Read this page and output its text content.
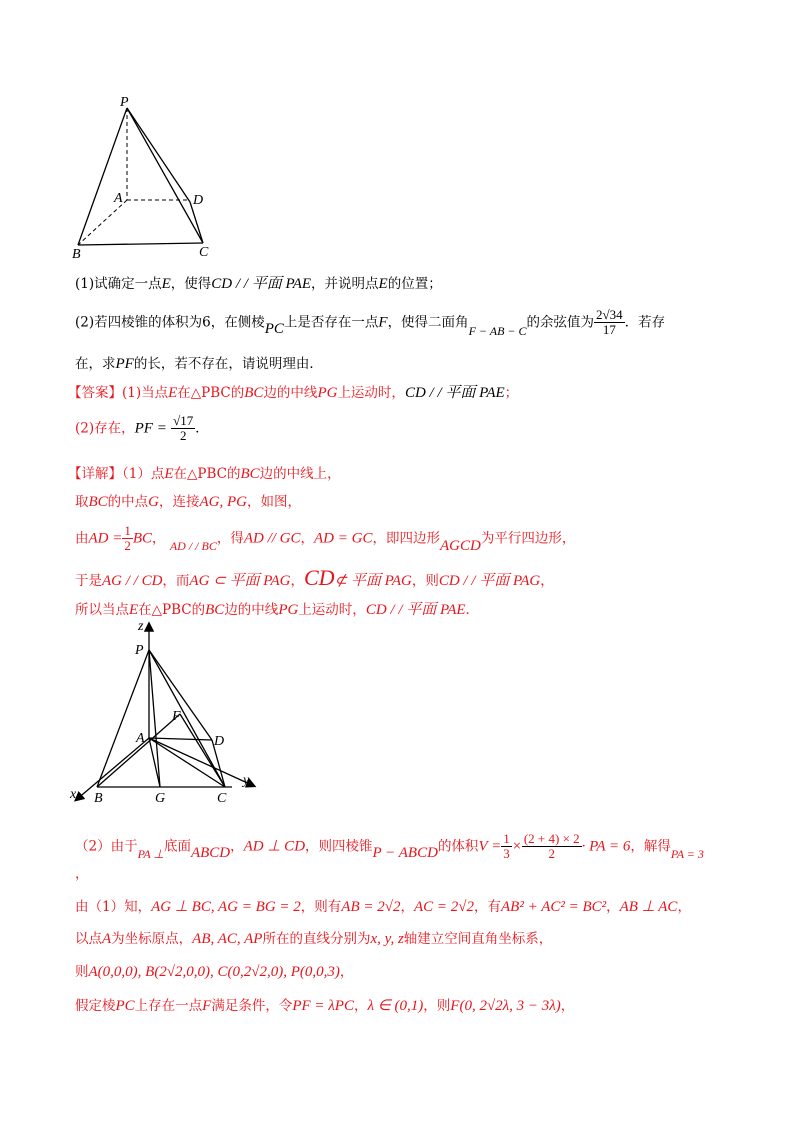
P
A	D
B	C
(1)试确定一点E，使得CD / / 平面 PAE，并说明点E的位置；
(2)若四棱锥的体积为6，在侧棱PC上是否存在一点F，使得二面角F − AB − C的余弦值为 $\frac{2√34}{17}$ ．若存
在，求PF的长，若不存在，请说明理由．
【答案】(1)当点E在△PBC的BC边的中线PG上运动时，CD / / 平面 PAE；
(2)存在，PF = $\frac{√17}{2}$ ．
【详解】（1）点E在△PBC的BC边的中线上，
取BC的中点G，连接AG, PG，如图，
由AD = $\frac{1}{2}$ BC， AD / / BC，得AD // GC，AD = GC，即四边形AGCD为平行四边形，
于是AG / / CD，而AG ⊂ 平面 PAG，CD⊄ 平面 PAG，则CD / / 平面 PAG，
所以当点E在△PBC的BC边的中线PG上运动时，CD / / 平面 PAE．
z
P
F
A	D
x B	G	C
y
（2）由于PA ⊥底面ABCD，AD ⊥ CD，则四棱锥P − ABCD的体积$V = \frac{1}{3} \times \frac{(2 + 4) \times 2}{2}$ · PA = 6，解得PA = 3
，
由（1）知，AG ⊥ BC, AG = BG = 2，则有AB = 2√2，AC = 2√2，有AB² + AC² = BC²，AB ⊥ AC，
以点A为坐标原点，AB, AC, AP所在的直线分别为x, y, z轴建立空间直角坐标系，
则A(0,0,0), B(2√2,0,0), C(0,2√2,0), P(0,0,3)，
假定棱PC上存在一点F满足条件，令PF = λPC，λ ∈ (0,1)，则F(0, 2√2λ, 3 − 3λ)，
